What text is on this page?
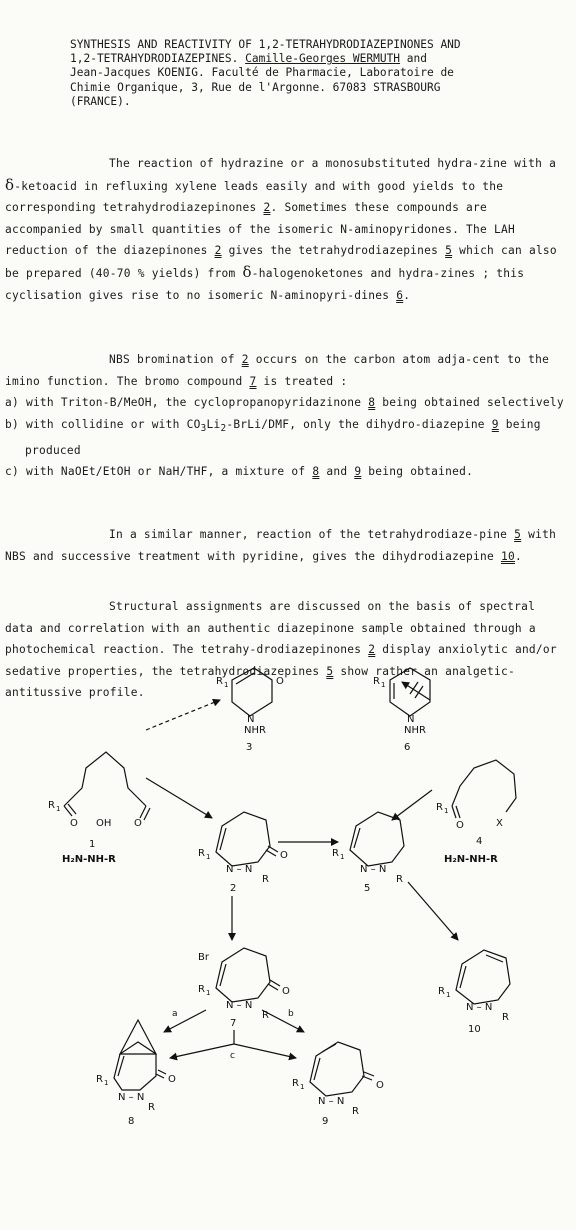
SYNTHESIS AND REACTIVITY OF 1,2-TETRAHYDRODIAZEPINONES AND
1,2-TETRAHYDRODIAZEPINES. Camille-Georges WERMUTH and
Jean-Jacques KOENIG. Faculté de Pharmacie, Laboratoire de
Chimie Organique, 3, Rue de l'Argonne. 67083 STRASBOURG
(FRANCE).

The reaction of hydrazine or a monosubstituted hydra-zine with a δ-ketoacid in refluxing xylene leads easily and with good yields to the corresponding tetrahydrodiazepinones 2. Sometimes these compounds are accompanied by small quantities of the isomeric N-aminopyridones. The LAH reduction of the diazepinones 2 gives the tetrahydrodiazepines 5 which can also be prepared (40-70 % yields) from δ-halogenoketones and hydra-zines ; this cyclisation gives rise to no isomeric N-aminopyri-dines 6.

NBS bromination of 2 occurs on the carbon atom adja-cent to the imino function. The bromo compound 7 is treated :

a) with Triton-B/MeOH, the cyclopropanopyridazinone 8 being obtained selectively

b) with collidine or with $CO_3Li_2-BrLi$/DMF, only the dihydro-diazepine 9 being produced

c) with NaOEt/EtOH or NaH/THF, a mixture of 8 and 9 being obtained.

In a similar manner, reaction of the tetrahydrodiaze-pine 5 with NBS and successive treatment with pyridine, gives the dihydrodiazepine 10.

Structural assignments are discussed on the basis of spectral data and correlation with an authentic diazepinone sample obtained through a photochemical reaction. The tetrahy-drodiazepinones 2 display anxiolytic and/or sedative properties, the tetrahydrodiazepines 5 show rather an analgetic-antitussive profile.

R 1
O OH O
1
H₂N-NH-R
R 1	O
N
NHR
3
R 1
N
NHR
6
R 1
O	X
4
H₂N-NH-R
R 1	O
N – N
R
2
R 1
N – N
R
5
Br
R 1	O
N – N
R
7
R 1
N – N
R
10
R 1	O
N – N
R
8
R 1	O
N – N
R
9
a	b
c
